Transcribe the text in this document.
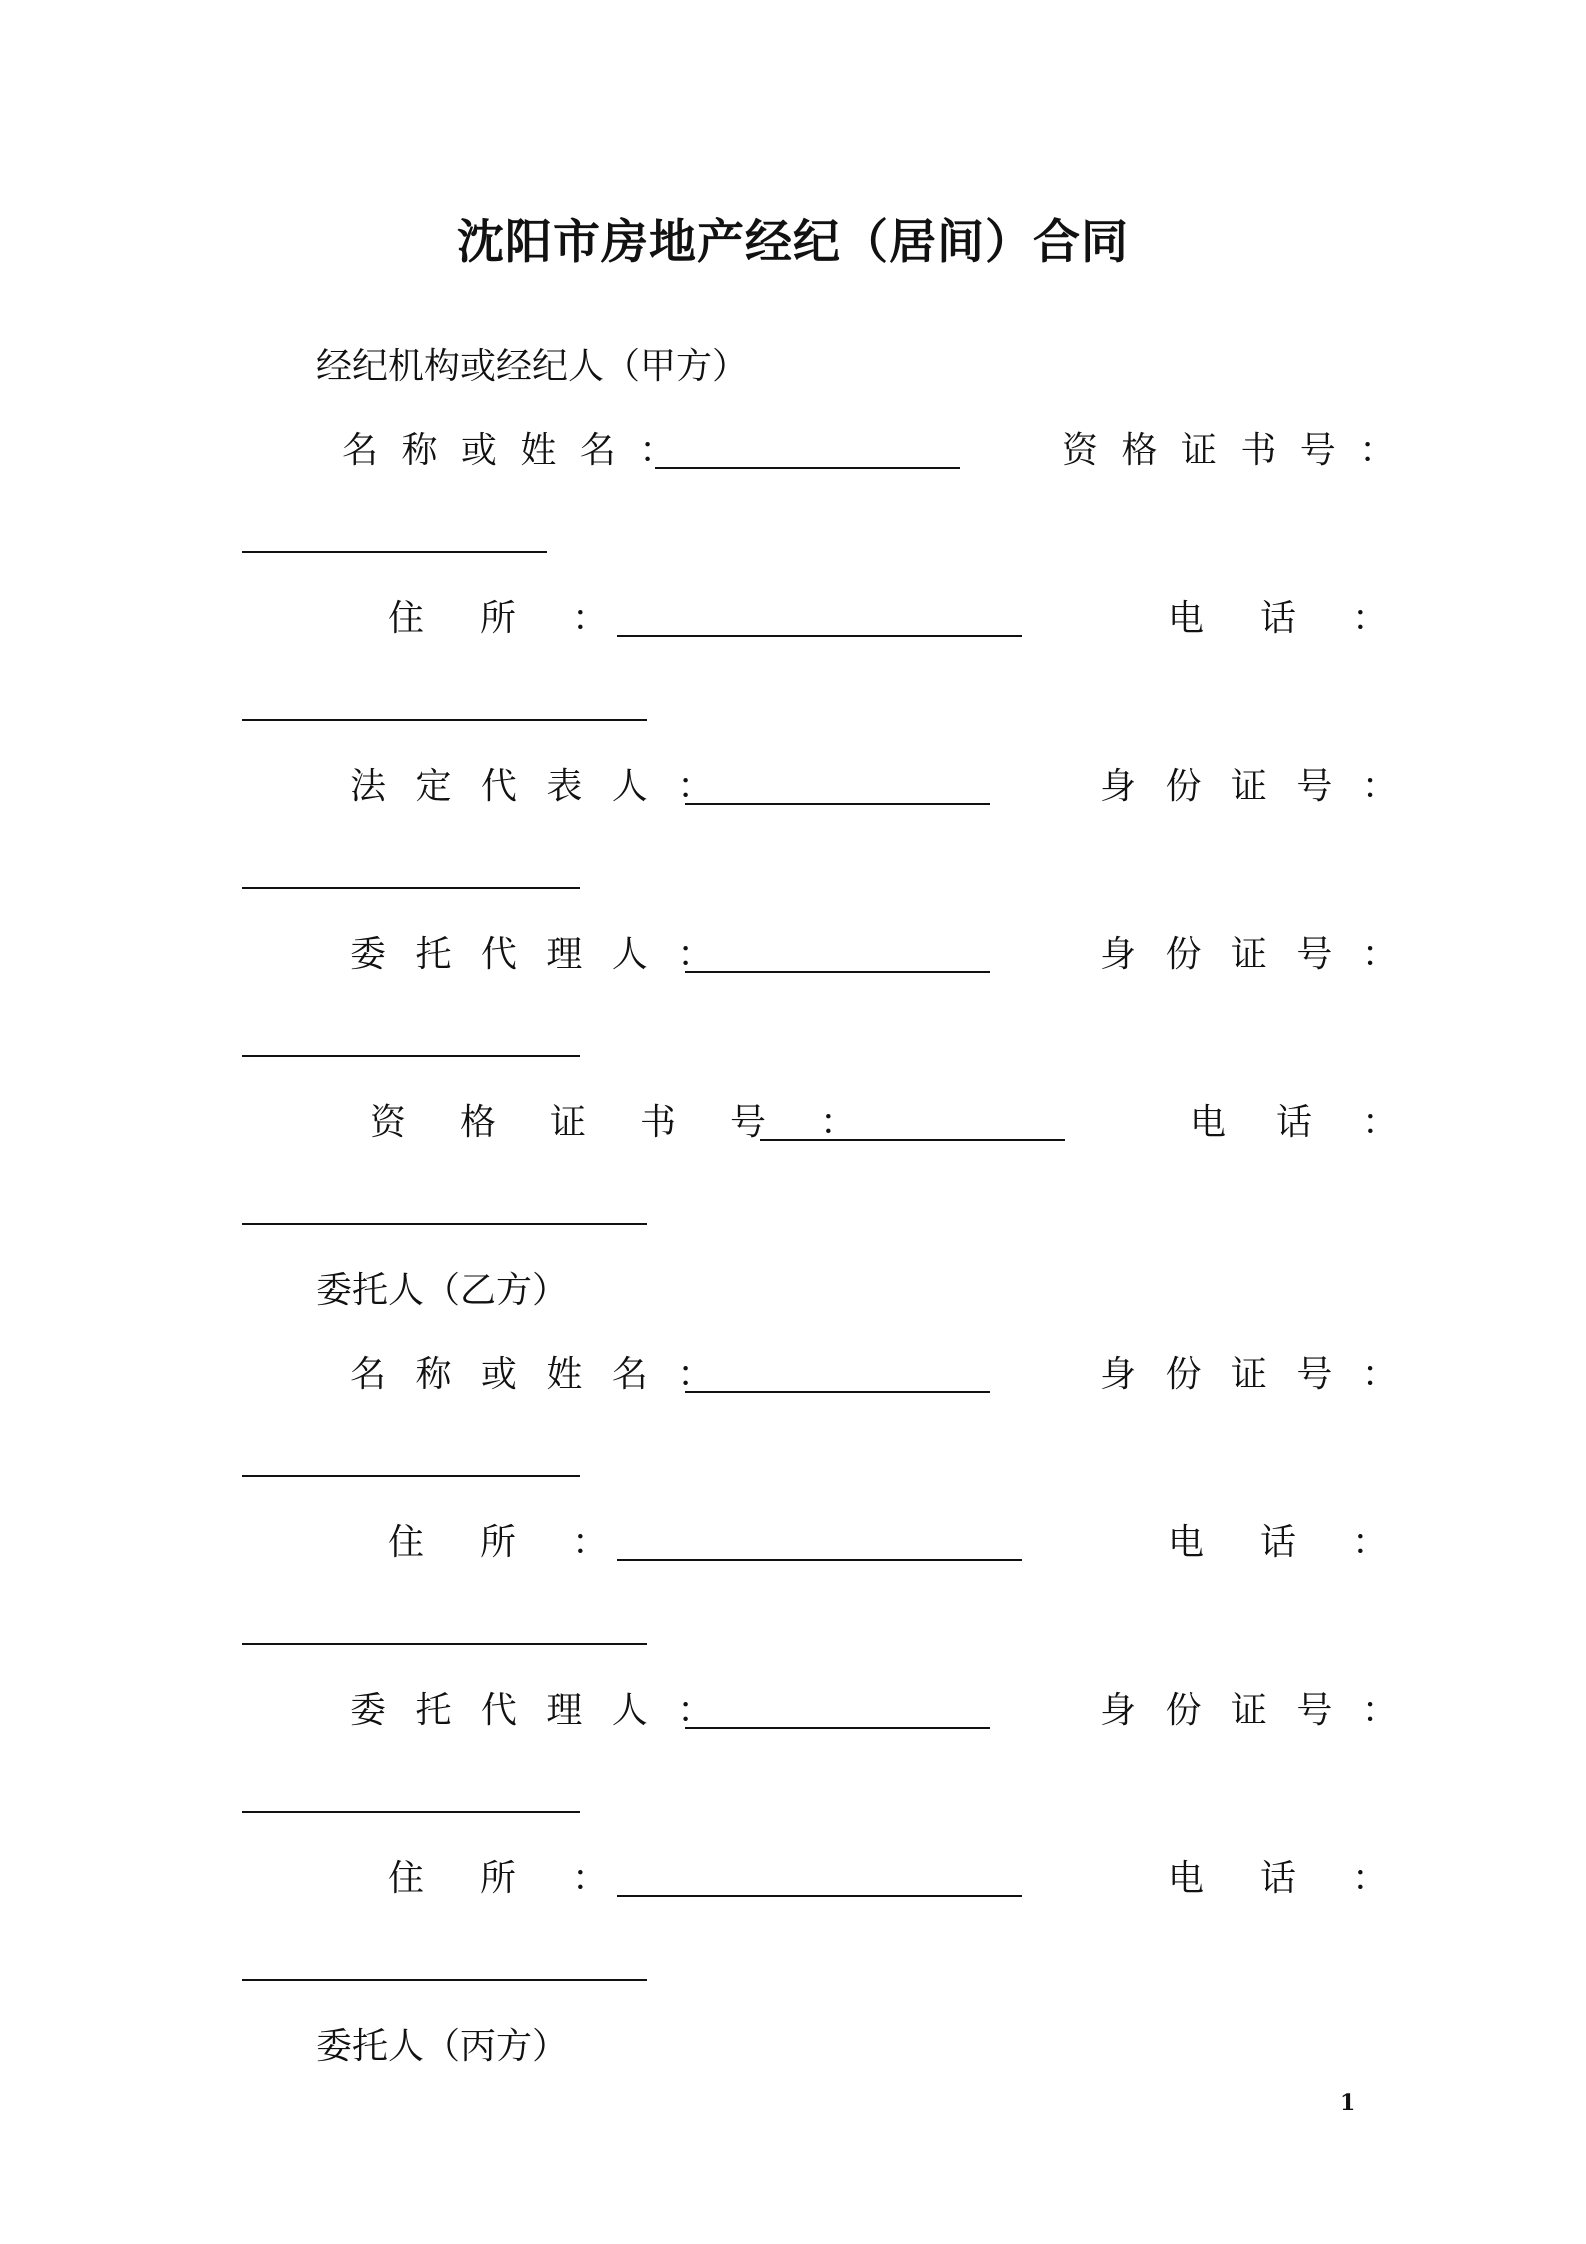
沈阳市房地产经纪（居间）合同
经纪机构或经纪人（甲方）
名 称 或 姓 名 ：	资 格 证 书 号 ：
住　所　：	电　话　：
法 定 代 表 人 ：	身 份 证 号 ：
委 托 代 理 人 ：	身 份 证 号 ：
资　格　证　书　号　：	电　话　：
委托人（乙方）
名 称 或 姓 名 ：	身 份 证 号 ：
住　所　：	电　话　：
委 托 代 理 人 ：	身 份 证 号 ：
住　所　：	电　话　：
委托人（丙方）
1
